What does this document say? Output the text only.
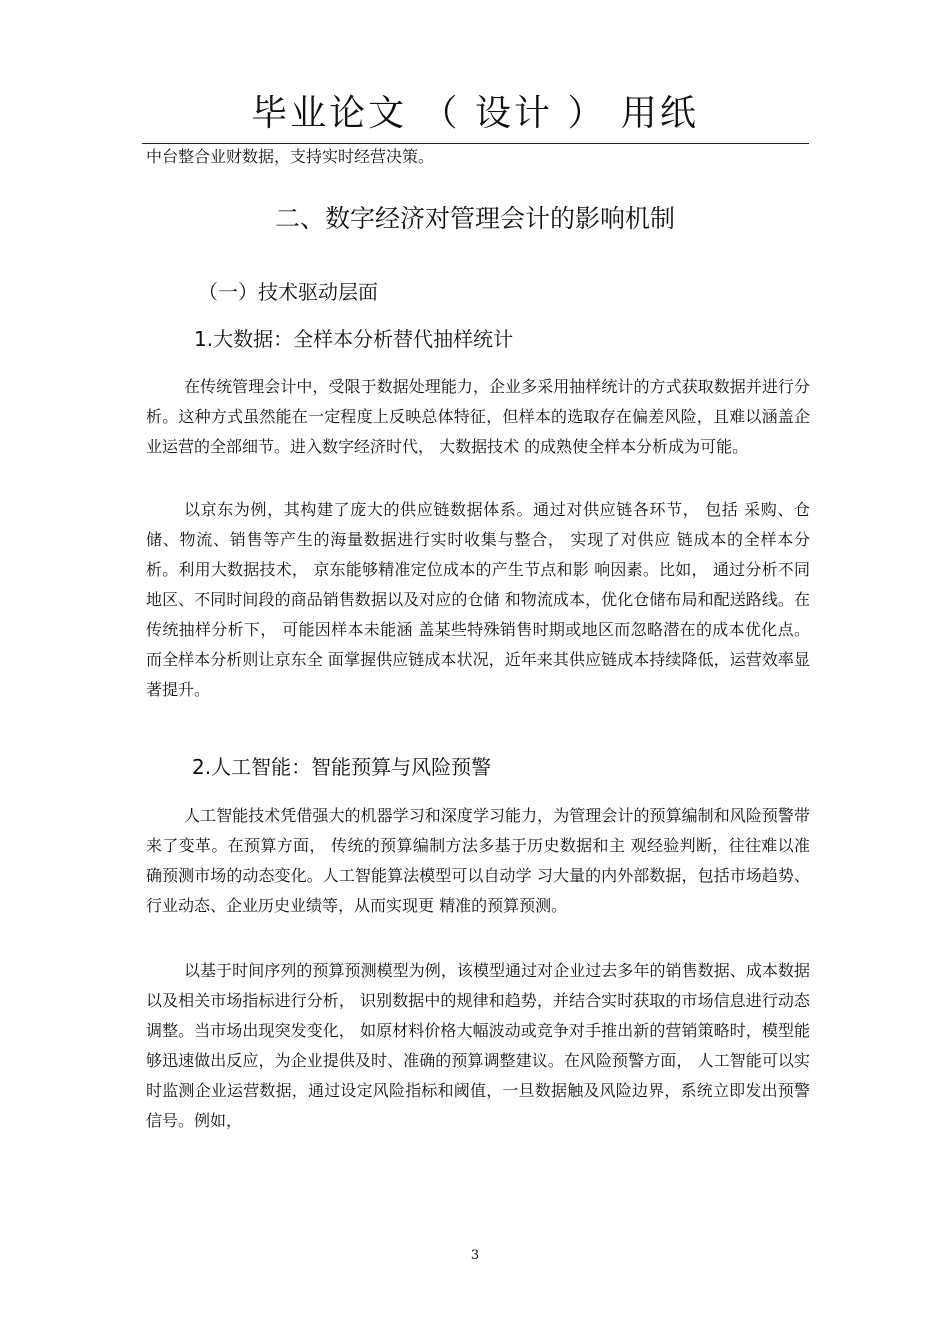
毕业论文 （ 设计 ） 用纸

中台整合业财数据，支持实时经营决策。

二、数字经济对管理会计的影响机制
（一）技术驱动层面
1.大数据：全样本分析替代抽样统计

在传统管理会计中，受限于数据处理能力，企业多采用抽样统计的方式获取数据并进行分析。这种方式虽然能在一定程度上反映总体特征，但样本的选取存在偏差风险，且难以涵盖企业运营的全部细节。进入数字经济时代， 大数据技术 的成熟使全样本分析成为可能。

以京东为例，其构建了庞大的供应链数据体系。通过对供应链各环节， 包括 采购、仓储、物流、销售等产生的海量数据进行实时收集与整合， 实现了对供应 链成本的全样本分析。利用大数据技术， 京东能够精准定位成本的产生节点和影 响因素。比如， 通过分析不同地区、不同时间段的商品销售数据以及对应的仓储 和物流成本，优化仓储布局和配送路线。在传统抽样分析下， 可能因样本未能涵 盖某些特殊销售时期或地区而忽略潜在的成本优化点。而全样本分析则让京东全 面掌握供应链成本状况，近年来其供应链成本持续降低，运营效率显著提升。

2.人工智能：智能预算与风险预警

人工智能技术凭借强大的机器学习和深度学习能力，为管理会计的预算编制和风险预警带来了变革。在预算方面， 传统的预算编制方法多基于历史数据和主 观经验判断，往往难以准确预测市场的动态变化。人工智能算法模型可以自动学 习大量的内外部数据，包括市场趋势、行业动态、企业历史业绩等，从而实现更 精准的预算预测。

以基于时间序列的预算预测模型为例，该模型通过对企业过去多年的销售数据、成本数据以及相关市场指标进行分析， 识别数据中的规律和趋势，并结合实时获取的市场信息进行动态调整。当市场出现突发变化， 如原材料价格大幅波动或竞争对手推出新的营销策略时，模型能够迅速做出反应，为企业提供及时、准确的预算调整建议。在风险预警方面， 人工智能可以实时监测企业运营数据，通过设定风险指标和阈值，一旦数据触及风险边界，系统立即发出预警信号。例如，

3
